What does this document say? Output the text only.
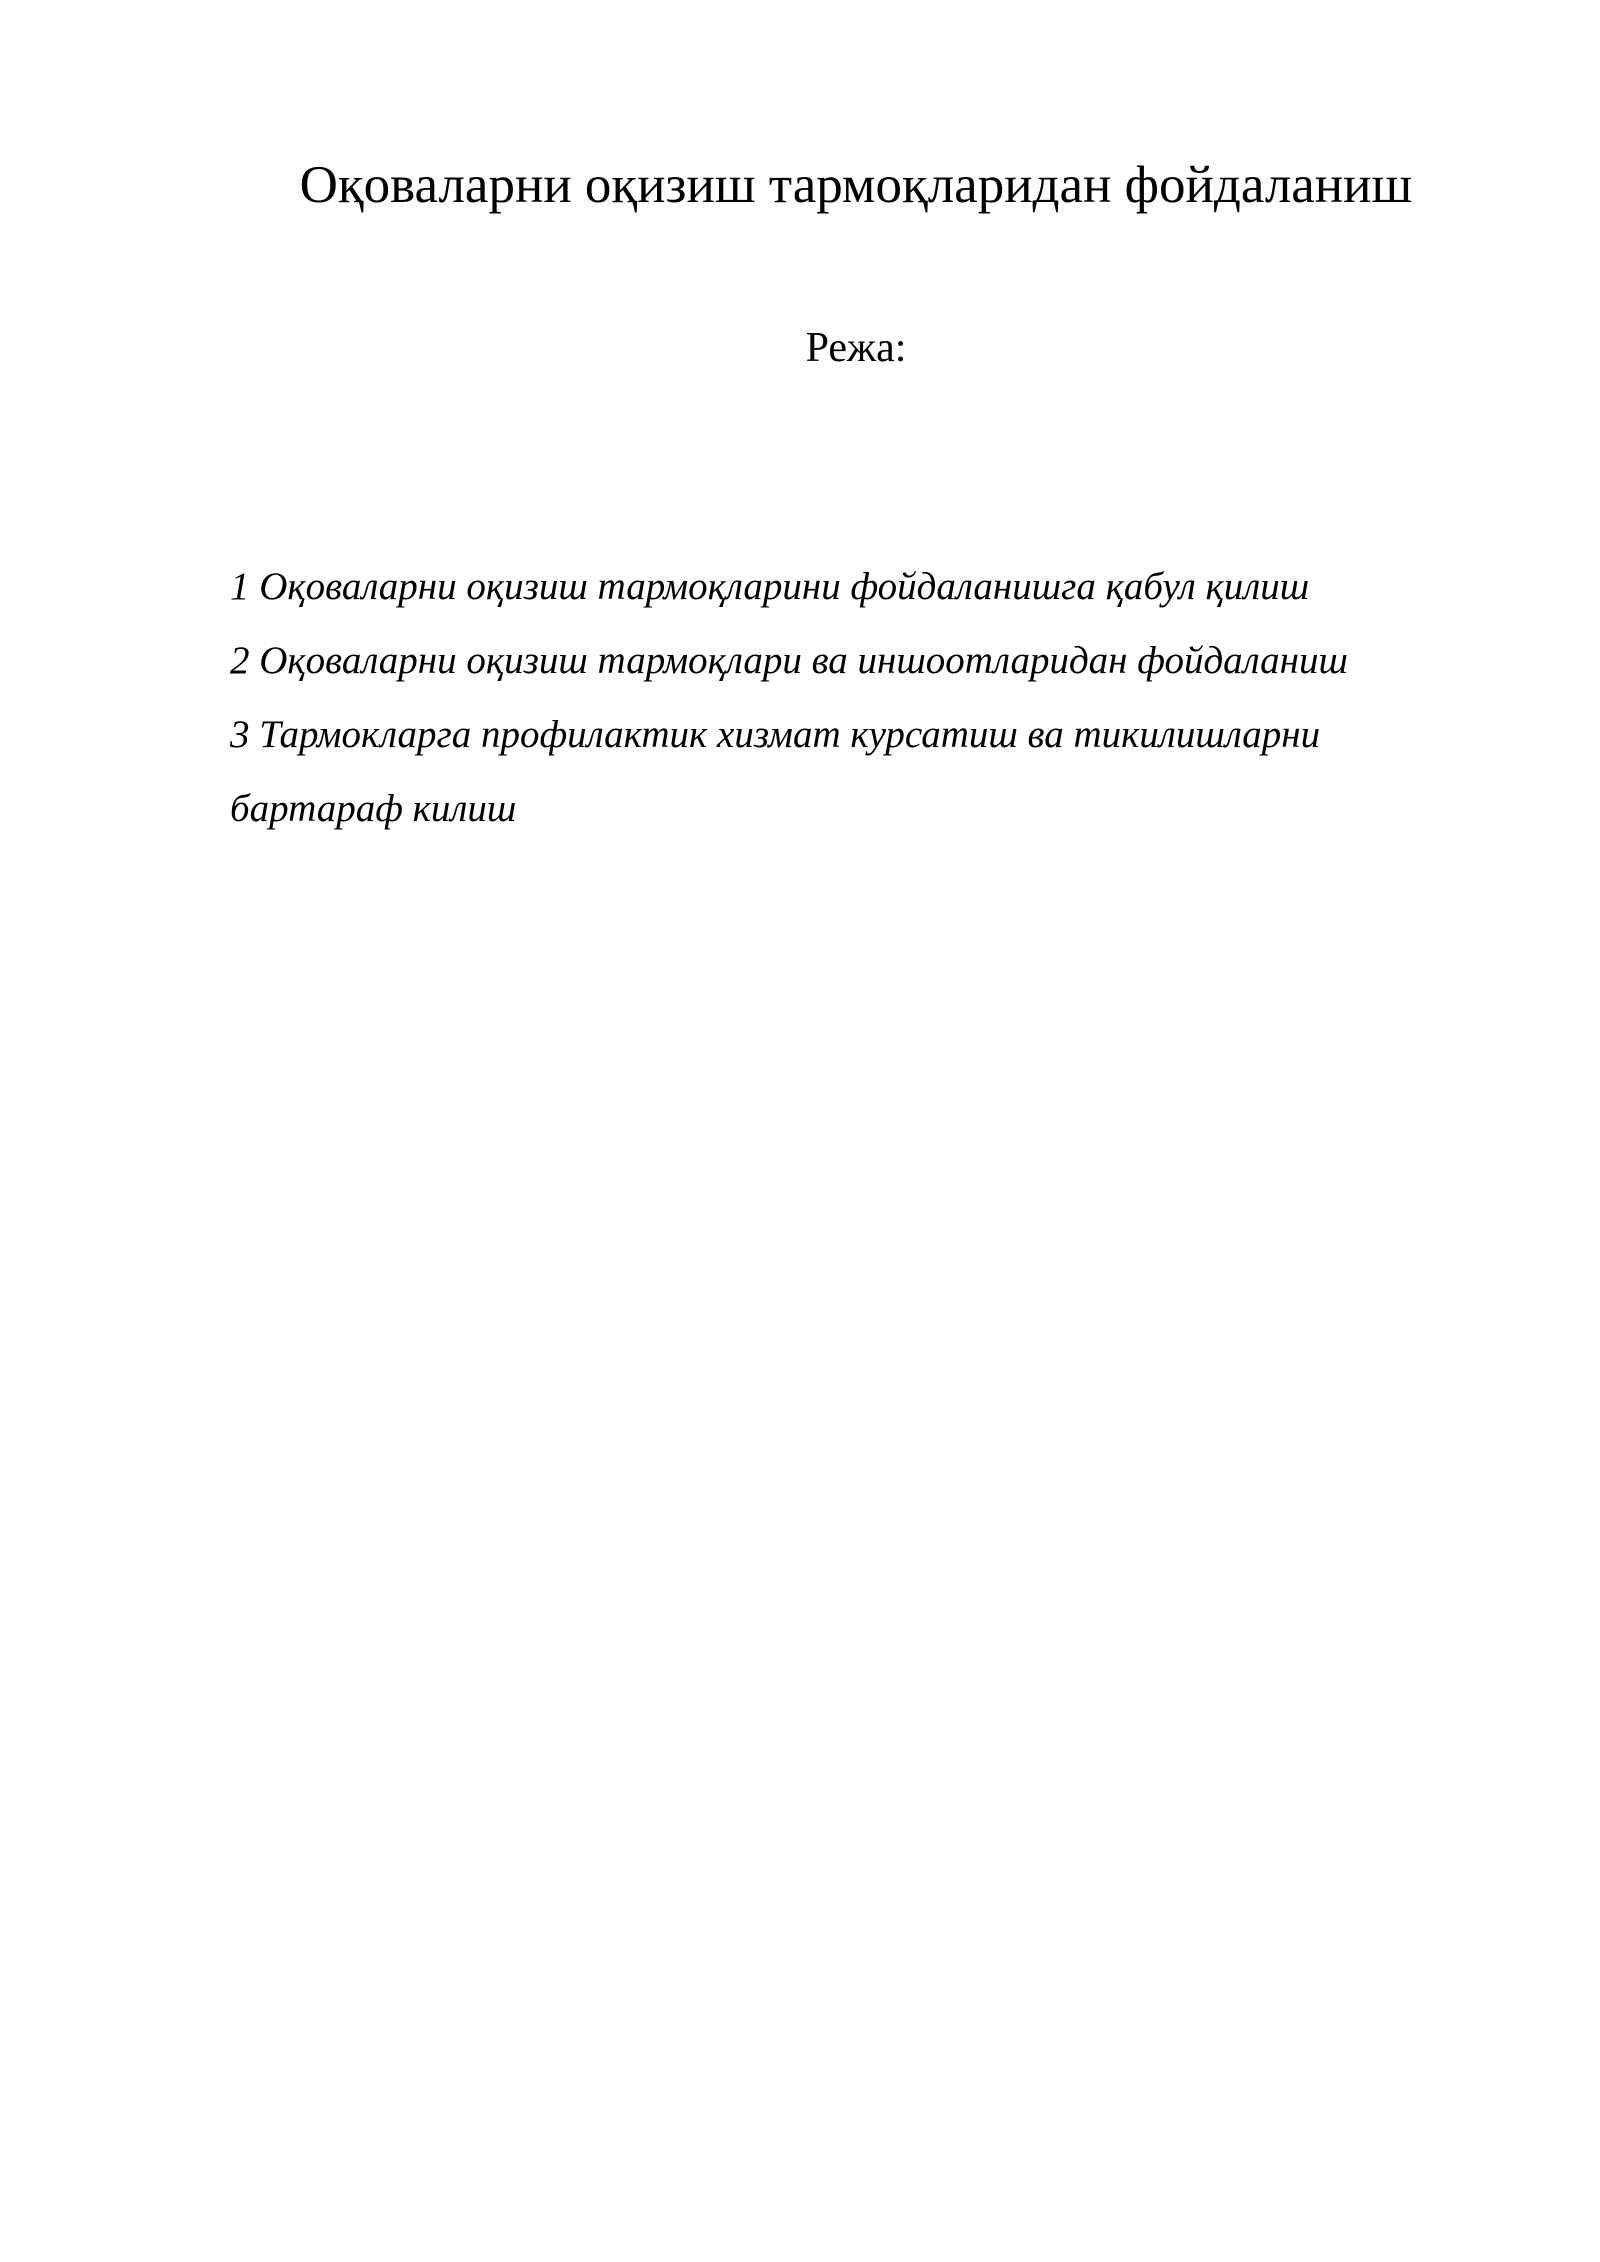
Оқоваларни оқизиш тармоқларидан фойдаланиш
Режа:
1 Оқоваларни оқизиш тармоқларини фойдаланишга қабул қилиш
2 Оқоваларни оқизиш тармоқлари ва иншоотларидан фойдаланиш
3 Тармокларга профилактик хизмат курсатиш ва тикилишларни бартараф килиш
